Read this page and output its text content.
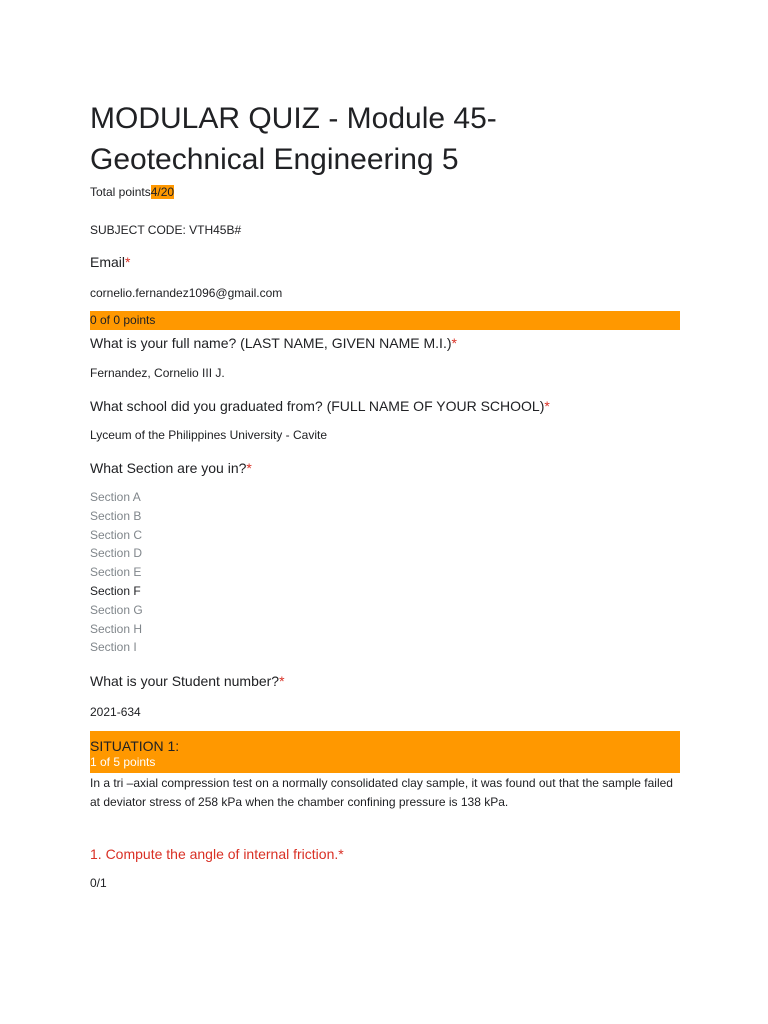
MODULAR QUIZ - Module 45-
Geotechnical Engineering 5
Total points4/20
SUBJECT CODE: VTH45B#
Email*
cornelio.fernandez1096@gmail.com
0 of 0 points
What is your full name? (LAST NAME, GIVEN NAME M.I.)*
Fernandez, Cornelio III J.
What school did you graduated from? (FULL NAME OF YOUR SCHOOL)*
Lyceum of the Philippines University - Cavite
What Section are you in?*
Section A
Section B
Section C
Section D
Section E
Section F
Section G
Section H
Section I
What is your Student number?*
2021-634
SITUATION 1:
1 of 5 points
In a tri –axial compression test on a normally consolidated clay sample, it was found out that the sample failed at deviator stress of 258 kPa when the chamber confining pressure is 138 kPa.
1. Compute the angle of internal friction.*
0/1
